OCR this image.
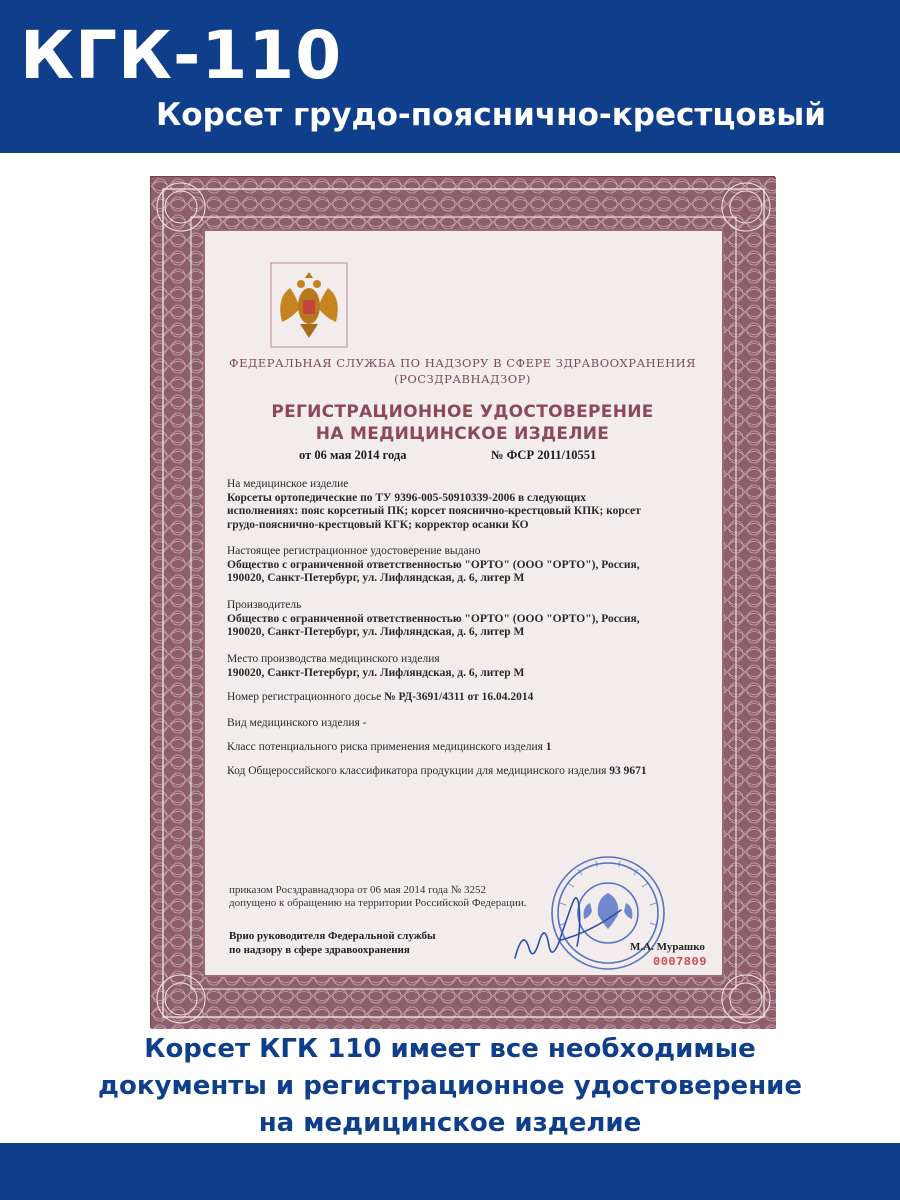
КГК-110
Корсет грудо-пояснично-крестцовый
ФЕДЕРАЛЬНАЯ СЛУЖБА ПО НАДЗОРУ В СФЕРЕ ЗДРАВООХРАНЕНИЯ
(РОСЗДРАВНАДЗОР)
РЕГИСТРАЦИОННОЕ УДОСТОВЕРЕНИЕ
НА МЕДИЦИНСКОЕ ИЗДЕЛИЕ
от 06 мая 2014 года	№ ФСР 2011/10551
На медицинское изделие
Корсеты ортопедические по ТУ 9396-005-50910339-2006 в следующих
исполнениях: пояс корсетный ПК; корсет пояснично-крестцовый КПК; корсет
грудо-пояснично-крестцовый КГК; корректор осанки КО
Настоящее регистрационное удостоверение выдано
Общество с ограниченной ответственностью "ОРТО" (ООО "ОРТО"), Россия,
190020, Санкт-Петербург, ул. Лифляндская, д. 6, литер М
Производитель
Общество с ограниченной ответственностью "ОРТО" (ООО "ОРТО"), Россия,
190020, Санкт-Петербург, ул. Лифляндская, д. 6, литер М
Место производства медицинского изделия
190020, Санкт-Петербург, ул. Лифляндская, д. 6, литер М
Номер регистрационного досье № РД-3691/4311 от 16.04.2014
Вид медицинского изделия -
Класс потенциального риска применения медицинского изделия 1
Код Общероссийского классификатора продукции для медицинского изделия 93 9671
приказом Росздравнадзора от 06 мая 2014 года № 3252
допущено к обращению на территории Российской Федерации.
Врио руководителя Федеральной службы
по надзору в сфере здравоохранения	М.А. Мурашко
0007809
Корсет КГК 110 имеет все необходимые
документы и регистрационное удостоверение
на медицинское изделие
